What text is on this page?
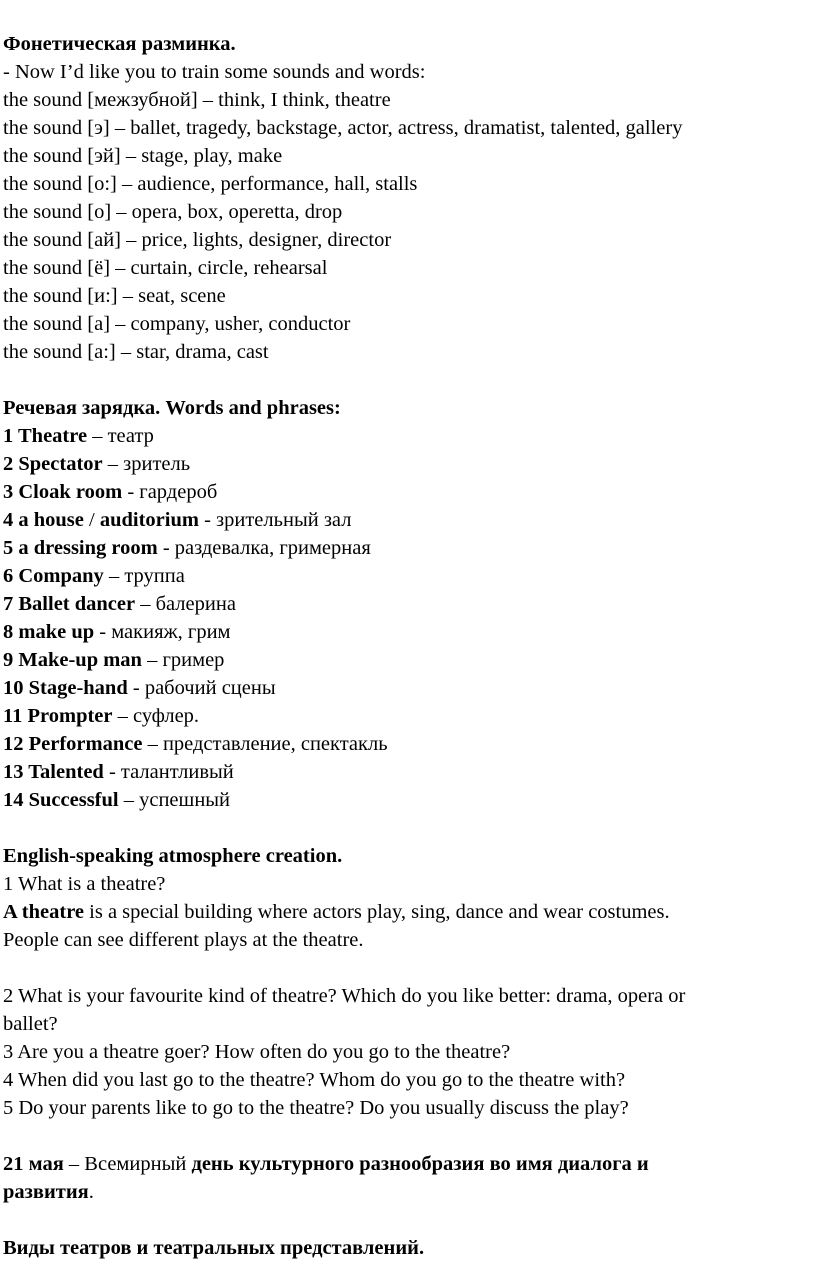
Фонетическая разминка.
- Now I’d like you to train some sounds and words:
the sound [межзубной] – think, I think, theatre
the sound [э] – ballet, tragedy, backstage, actor, actress, dramatist, talented, gallery
the sound [эй] – stage, play, make
the sound [о:] – audience, performance, hall, stalls
the sound [о] – opera, box, operetta, drop
the sound [ай] – price, lights, designer, director
the sound [ё] – curtain, circle, rehearsal
the sound [и:] – seat, scene
the sound [а] – company, usher, conductor
the sound [а:] – star, drama, cast
Речевая зарядка. Words and phrases:
1 Theatre – театр
2 Spectator – зритель
3 Cloak room - гардероб
4 a house / auditorium - зрительный зал
5 a dressing room - раздевалка, гримерная
6 Company – труппа
7 Ballet dancer – балерина
8 make up - макияж, грим
9 Make-up man – гример
10 Stage-hand - рабочий сцены
11 Prompter – суфлер.
12 Performance – представление, спектакль
13 Talented - талантливый
14 Successful – успешный
English-speaking atmosphere creation.
1 What is a theatre?
A theatre is a special building where actors play, sing, dance and wear costumes.
People can see different plays at the theatre.
2 What is your favourite kind of theatre? Which do you like better: drama, opera or
ballet?
3 Are you a theatre goer? How often do you go to the theatre?
4 When did you last go to the theatre? Whom do you go to the theatre with?
5 Do your parents like to go to the theatre? Do you usually discuss the play?
21 мая – Всемирный день культурного разнообразия во имя диалога и
развития.
Виды театров и театральных представлений.
